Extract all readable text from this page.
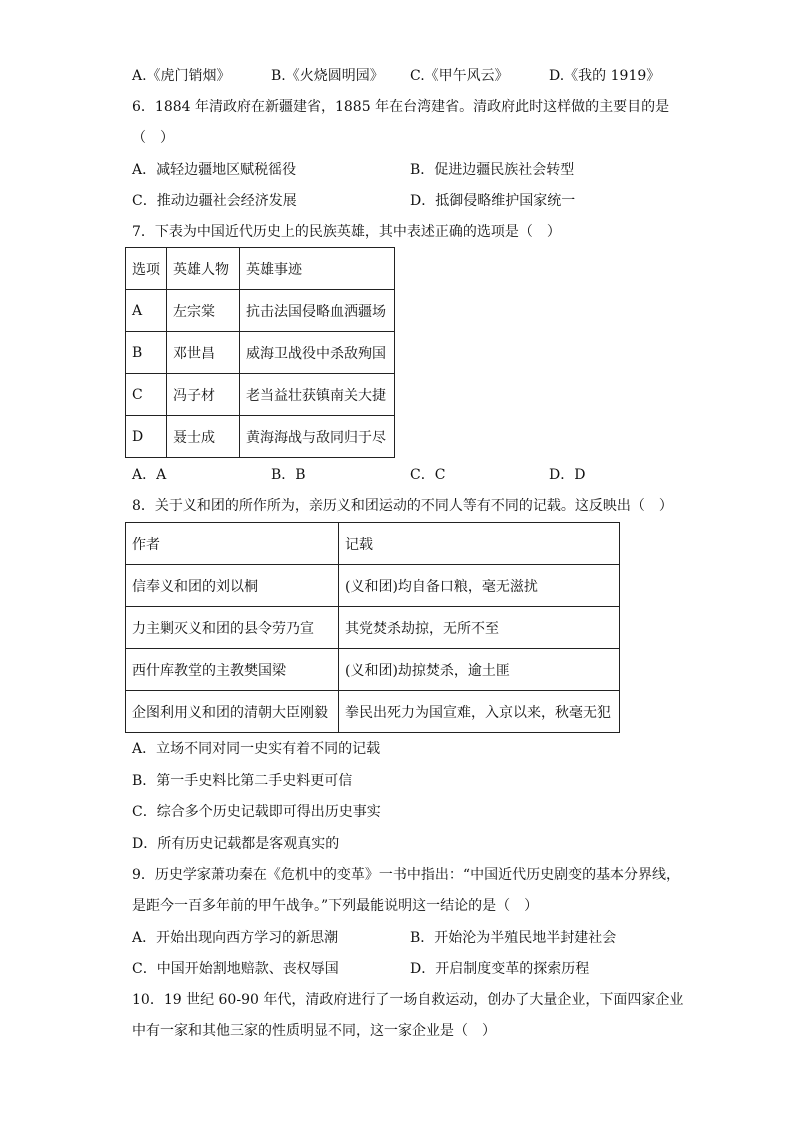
A.《虎门销烟》	B.《火烧圆明园》 C.《甲午风云》	D.《我的 1919》
6．1884 年清政府在新疆建省，1885 年在台湾建省。清政府此时这样做的主要目的是
（　）
A．减轻边疆地区赋税徭役	B．促进边疆民族社会转型
C．推动边疆社会经济发展	D．抵御侵略维护国家统一
7．下表为中国近代历史上的民族英雄，其中表述正确的选项是（　）
选项	英雄人物	英雄事迹
A	左宗棠	抗击法国侵略血洒疆场
B	邓世昌	威海卫战役中杀敌殉国
C	冯子材	老当益壮获镇南关大捷
D	聂士成	黄海海战与敌同归于尽
A．A	B．B	C．C	D．D
8．关于义和团的所作所为，亲历义和团运动的不同人等有不同的记载。这反映出（　）
作者	记载
信奉义和团的刘以桐	(义和团)均自备口粮，毫无滋扰
力主剿灭义和团的县令劳乃宣	其党焚杀劫掠，无所不至
西什库教堂的主教樊国梁	(义和团)劫掠焚杀，逾土匪
企图利用义和团的清朝大臣刚毅	拳民出死力为国宣难，入京以来，秋毫无犯
A．立场不同对同一史实有着不同的记载
B．第一手史料比第二手史料更可信
C．综合多个历史记载即可得出历史事实
D．所有历史记载都是客观真实的
9．历史学家萧功秦在《危机中的变革》一书中指出：“中国近代历史剧变的基本分界线，
是距今一百多年前的甲午战争。”下列最能说明这一结论的是（　）
A．开始出现向西方学习的新思潮	B．开始沦为半殖民地半封建社会
C．中国开始割地赔款、丧权辱国	D．开启制度变革的探索历程
10．19 世纪 60-90 年代，清政府进行了一场自救运动，创办了大量企业，下面四家企业
中有一家和其他三家的性质明显不同，这一家企业是（　）
